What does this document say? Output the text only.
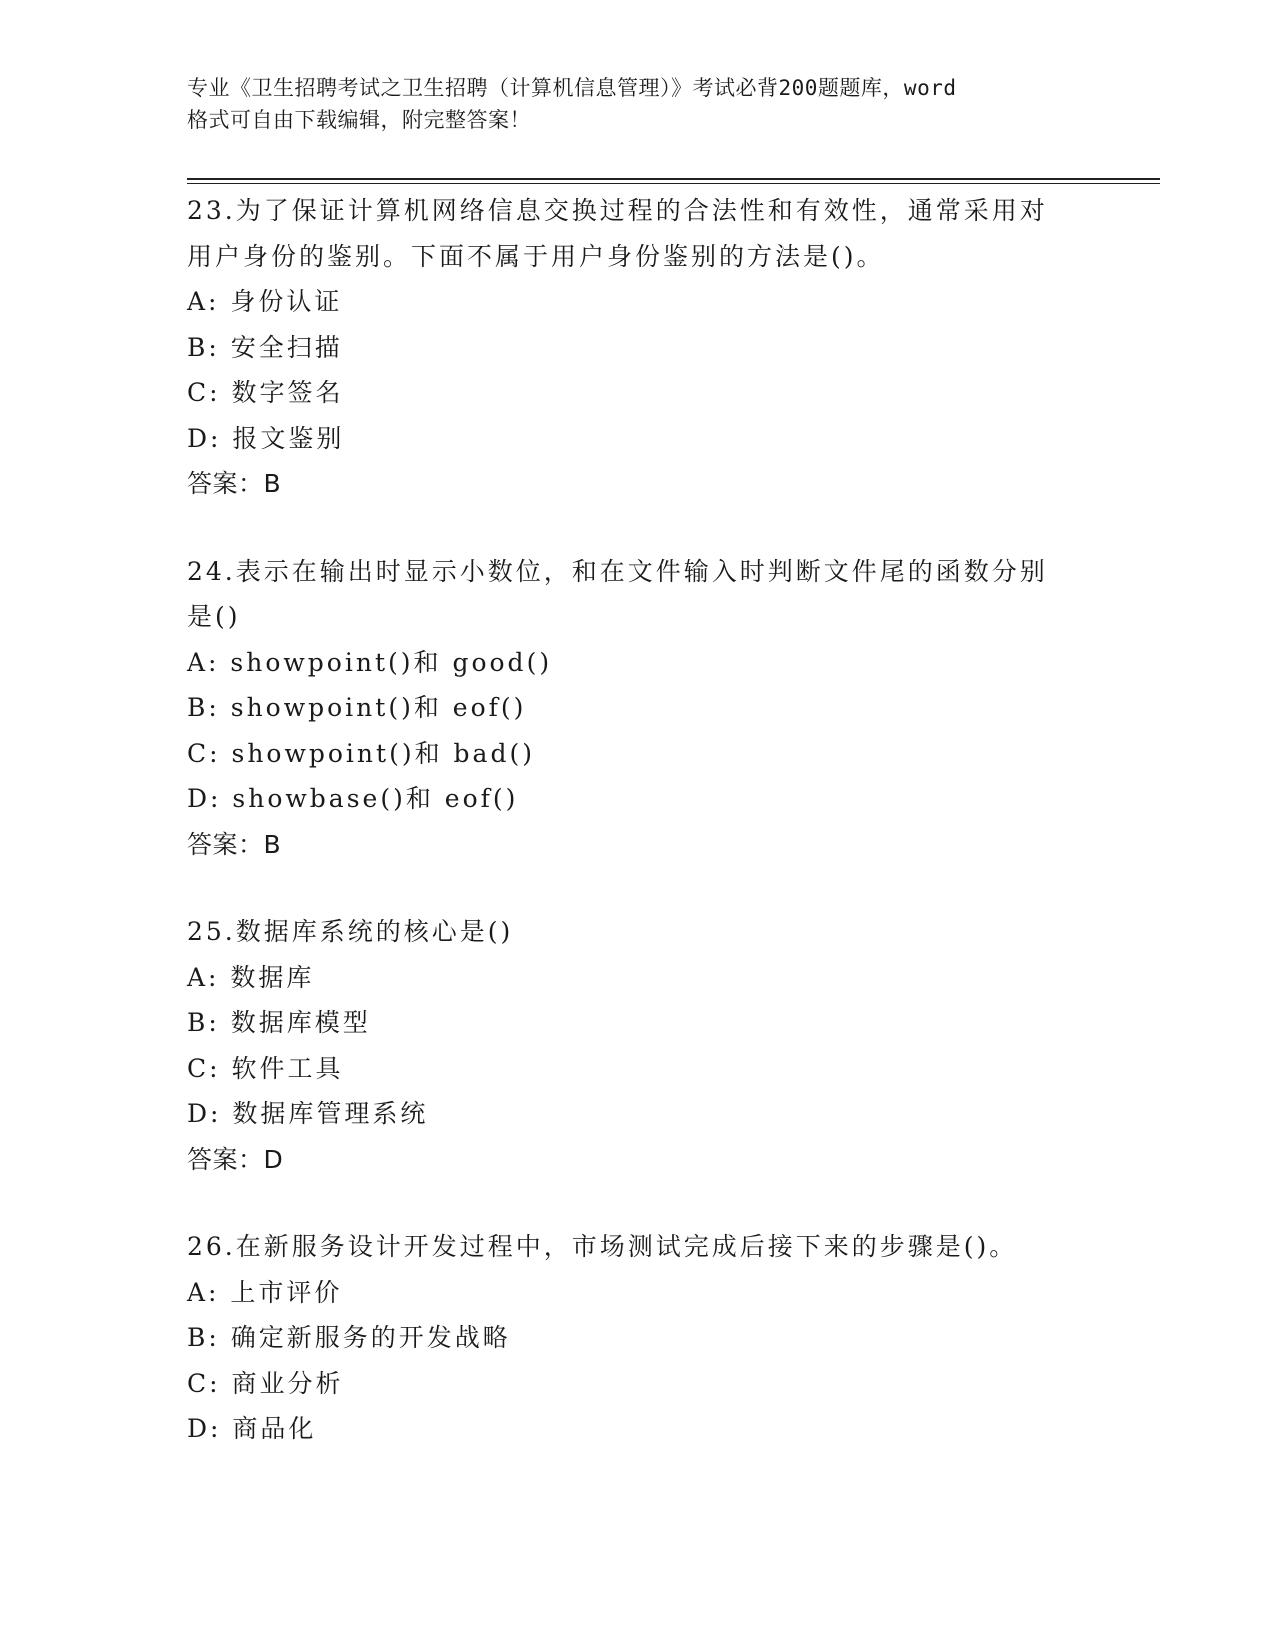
专业《卫生招聘考试之卫生招聘（计算机信息管理）》考试必背200题题库，word
格式可自由下载编辑，附完整答案！
23.为了保证计算机网络信息交换过程的合法性和有效性，通常采用对
用户身份的鉴别。下面不属于用户身份鉴别的方法是()。
A: 身份认证
B: 安全扫描
C: 数字签名
D: 报文鉴别
答案：B
24.表示在输出时显示小数位，和在文件输入时判断文件尾的函数分别
是()
A: showpoint()和 good()
B: showpoint()和 eof()
C: showpoint()和 bad()
D: showbase()和 eof()
答案：B
25.数据库系统的核心是()
A: 数据库
B: 数据库模型
C: 软件工具
D: 数据库管理系统
答案：D
26.在新服务设计开发过程中，市场测试完成后接下来的步骤是()。
A: 上市评价
B: 确定新服务的开发战略
C: 商业分析
D: 商品化
